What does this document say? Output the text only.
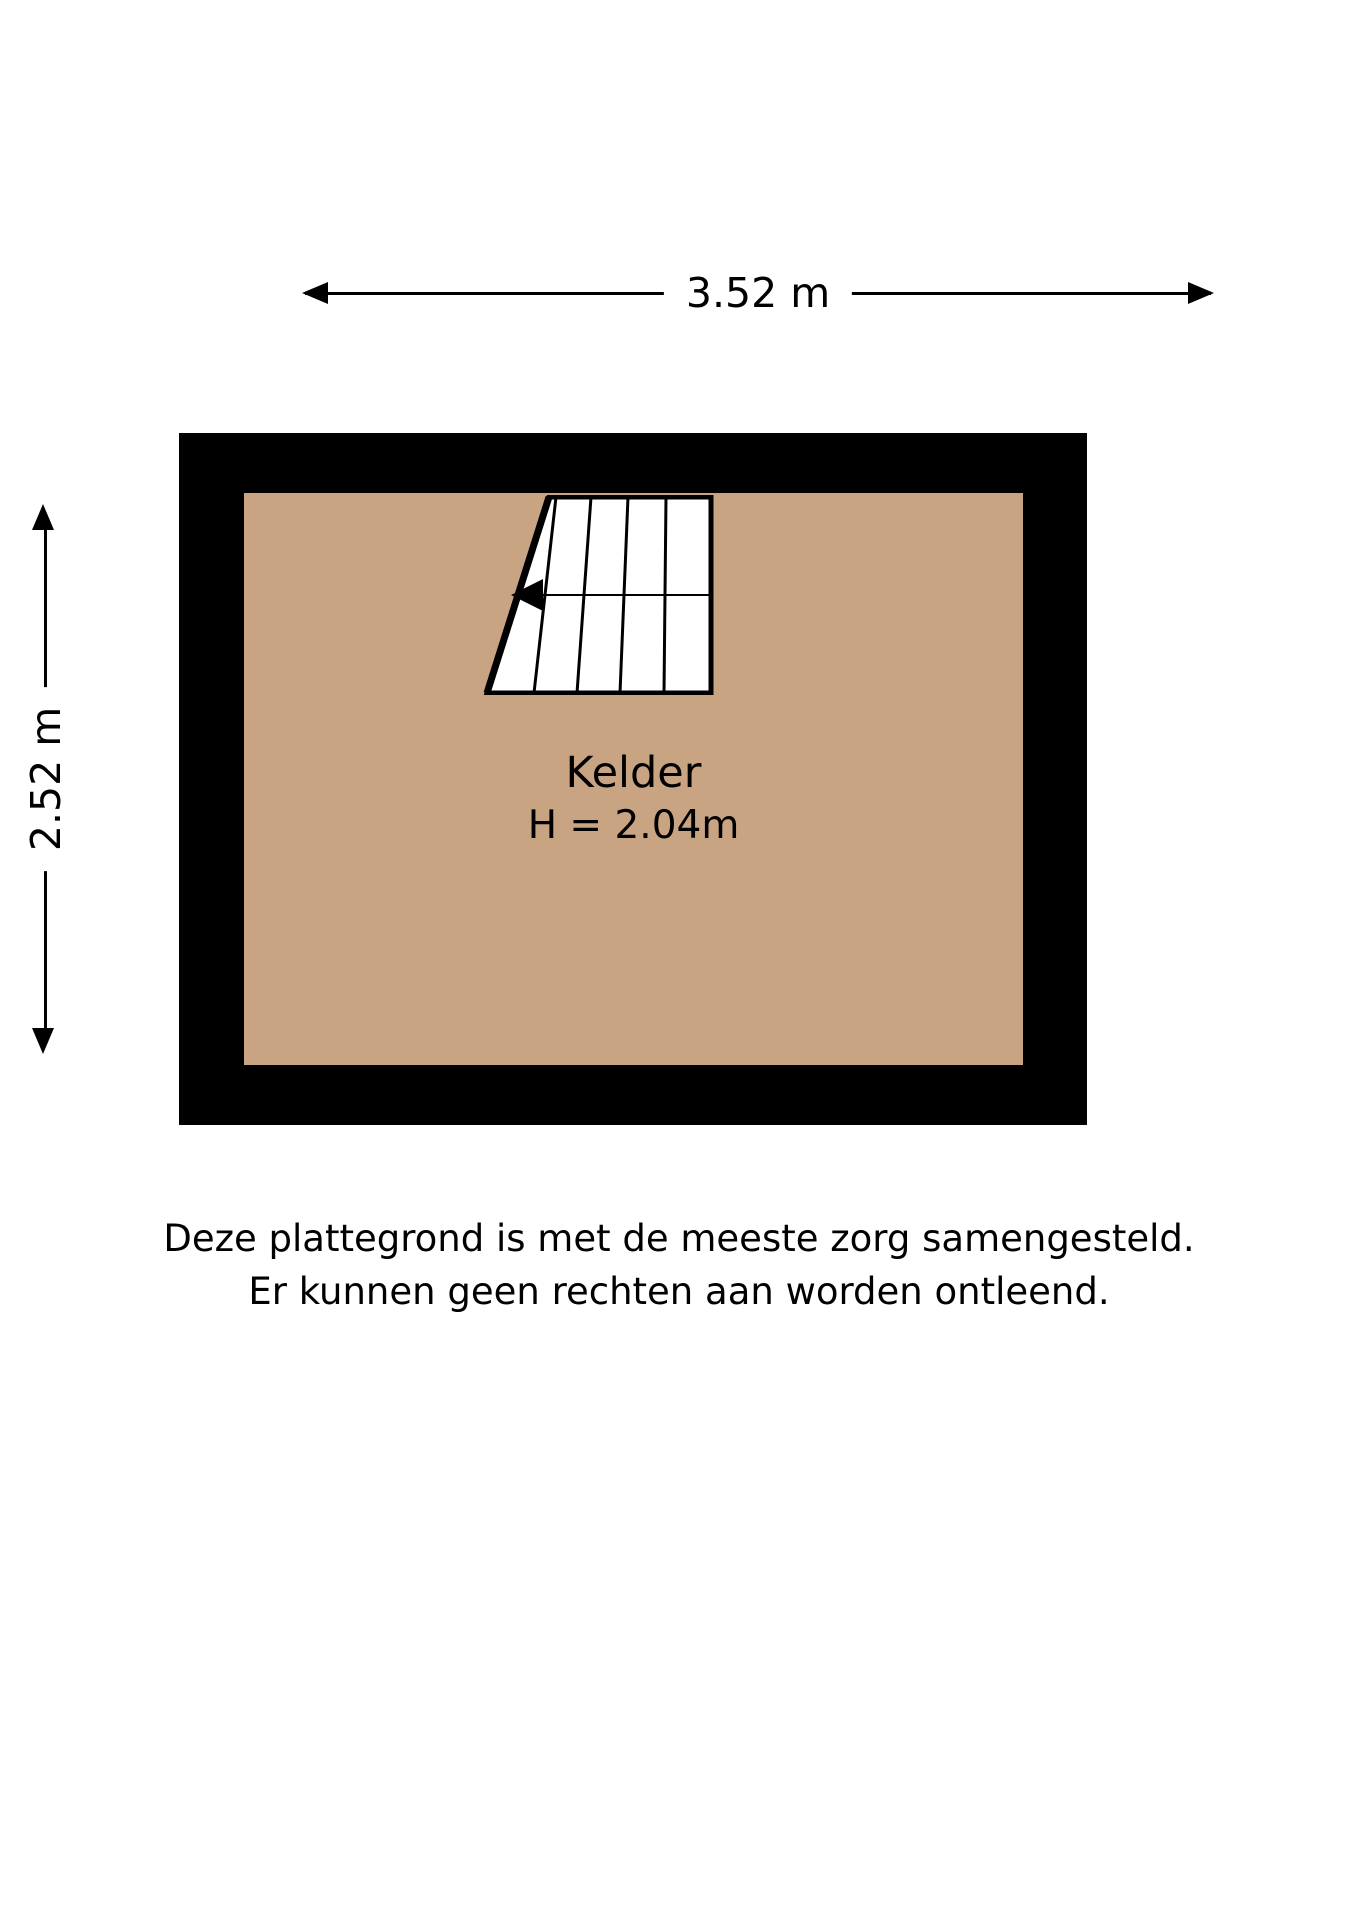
3.52 m
2.52 m	Kelder
H = 2.04m
Deze plattegrond is met de meeste zorg samengesteld.
Er kunnen geen rechten aan worden ontleend.
